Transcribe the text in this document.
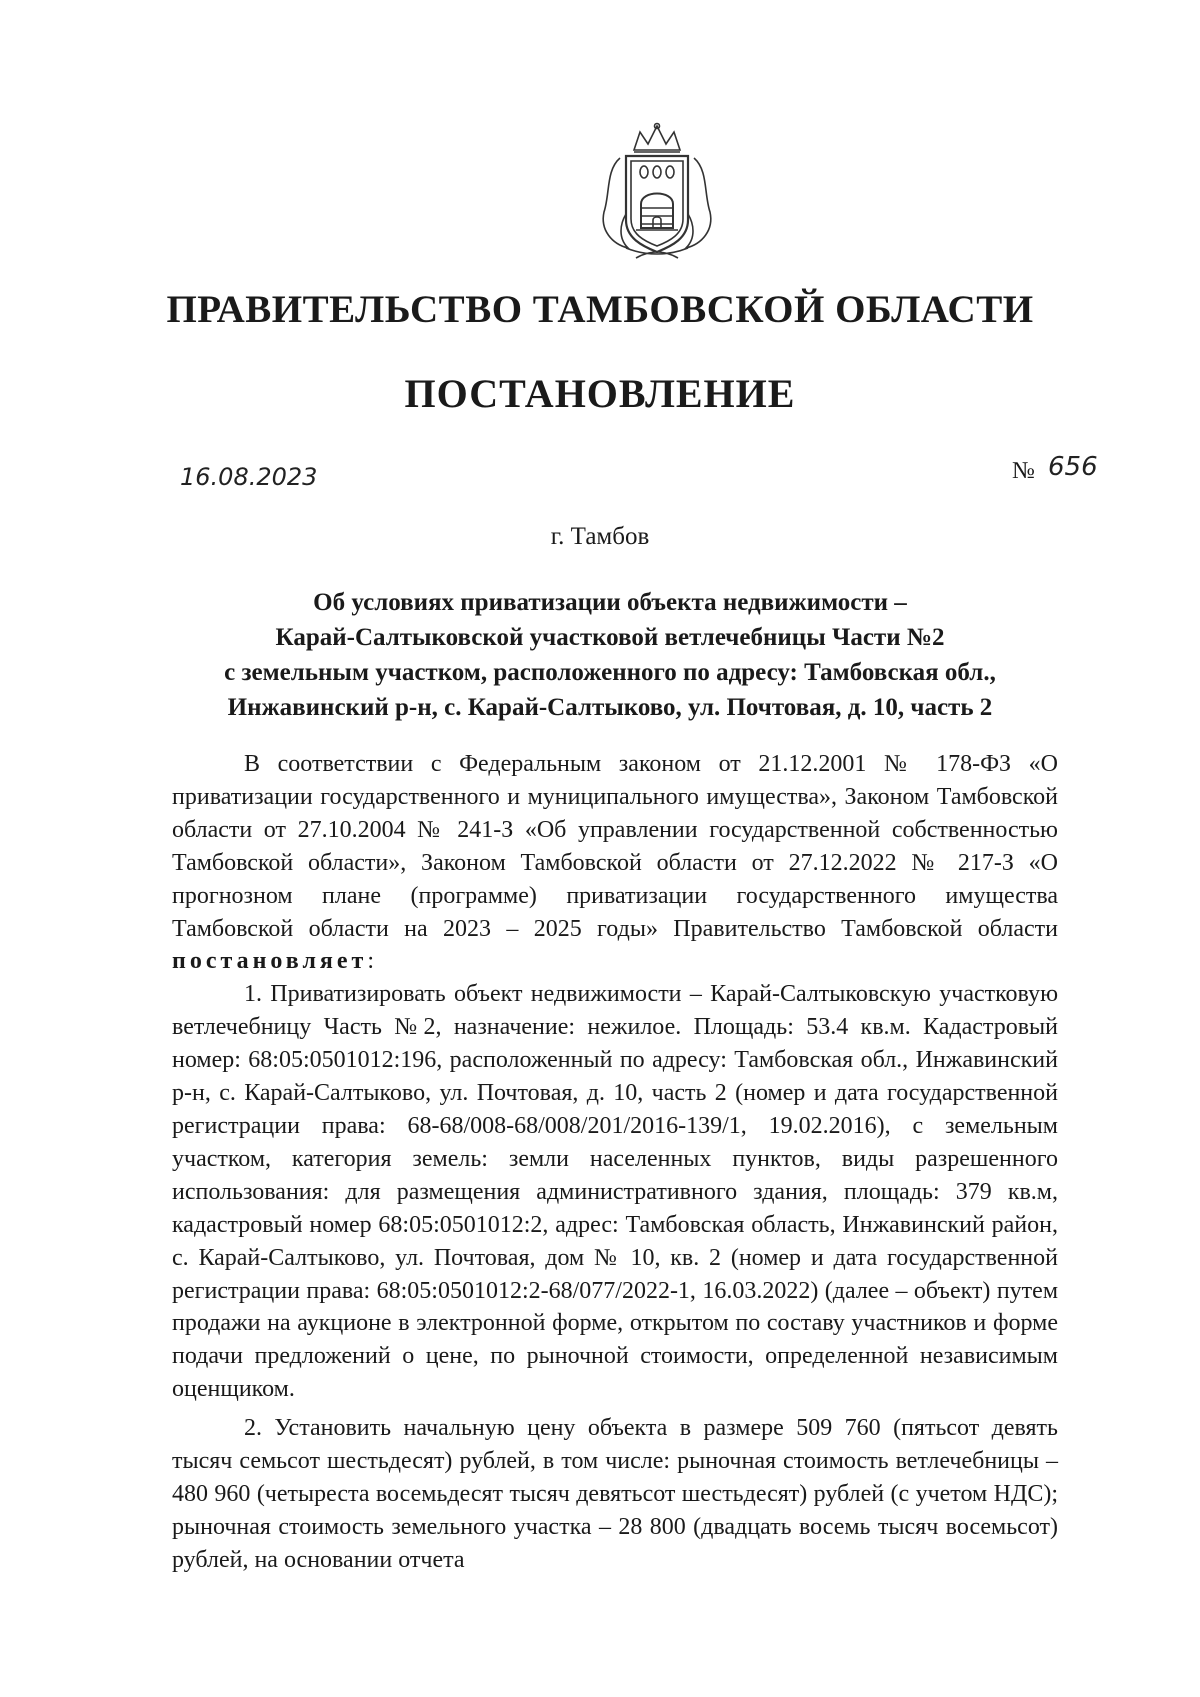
ПРАВИТЕЛЬСТВО ТАМБОВСКОЙ ОБЛАСТИ
ПОСТАНОВЛЕНИЕ
16.08.2023	№ 656
г. Тамбов
Об условиях приватизации объекта недвижимости –
Карай-Салтыковской участковой ветлечебницы Части №2
с земельным участком, расположенного по адресу: Тамбовская обл.,
Инжавинский р-н, с. Карай-Салтыково, ул. Почтовая, д. 10, часть 2

В соответствии с Федеральным законом от 21.12.2001 № 178-ФЗ «О приватизации государственного и муниципального имущества», Законом Тамбовской области от 27.10.2004 № 241-З «Об управлении государственной собственностью Тамбовской области», Законом Тамбовской области от 27.12.2022 № 217-З «О прогнозном плане (программе) приватизации государственного имущества Тамбовской области на 2023 – 2025 годы» Правительство Тамбовской области постановляет:

1. Приватизировать объект недвижимости – Карай-Салтыковскую участковую ветлечебницу Часть №2, назначение: нежилое. Площадь: 53.4 кв.м. Кадастровый номер: 68:05:0501012:196, расположенный по адресу: Тамбовская обл., Инжавинский р-н, с. Карай-Салтыково, ул. Почтовая, д. 10, часть 2 (номер и дата государственной регистрации права: 68-68/008-68/008/201/2016-139/1, 19.02.2016), с земельным участком, категория земель: земли населенных пунктов, виды разрешенного использования: для размещения административного здания, площадь: 379 кв.м, кадастровый номер 68:05:0501012:2, адрес: Тамбовская область, Инжавинский район, с. Карай-Салтыково, ул. Почтовая, дом № 10, кв. 2 (номер и дата государственной регистрации права: 68:05:0501012:2-68/077/2022-1, 16.03.2022) (далее – объект) путем продажи на аукционе в электронной форме, открытом по составу участников и форме подачи предложений о цене, по рыночной стоимости, определенной независимым оценщиком.

2. Установить начальную цену объекта в размере 509 760 (пятьсот девять тысяч семьсот шестьдесят) рублей, в том числе: рыночная стоимость ветлечебницы – 480 960 (четыреста восемьдесят тысяч девятьсот шестьдесят) рублей (с учетом НДС); рыночная стоимость земельного участка – 28 800 (двадцать восемь тысяч восемьсот) рублей, на основании отчета
